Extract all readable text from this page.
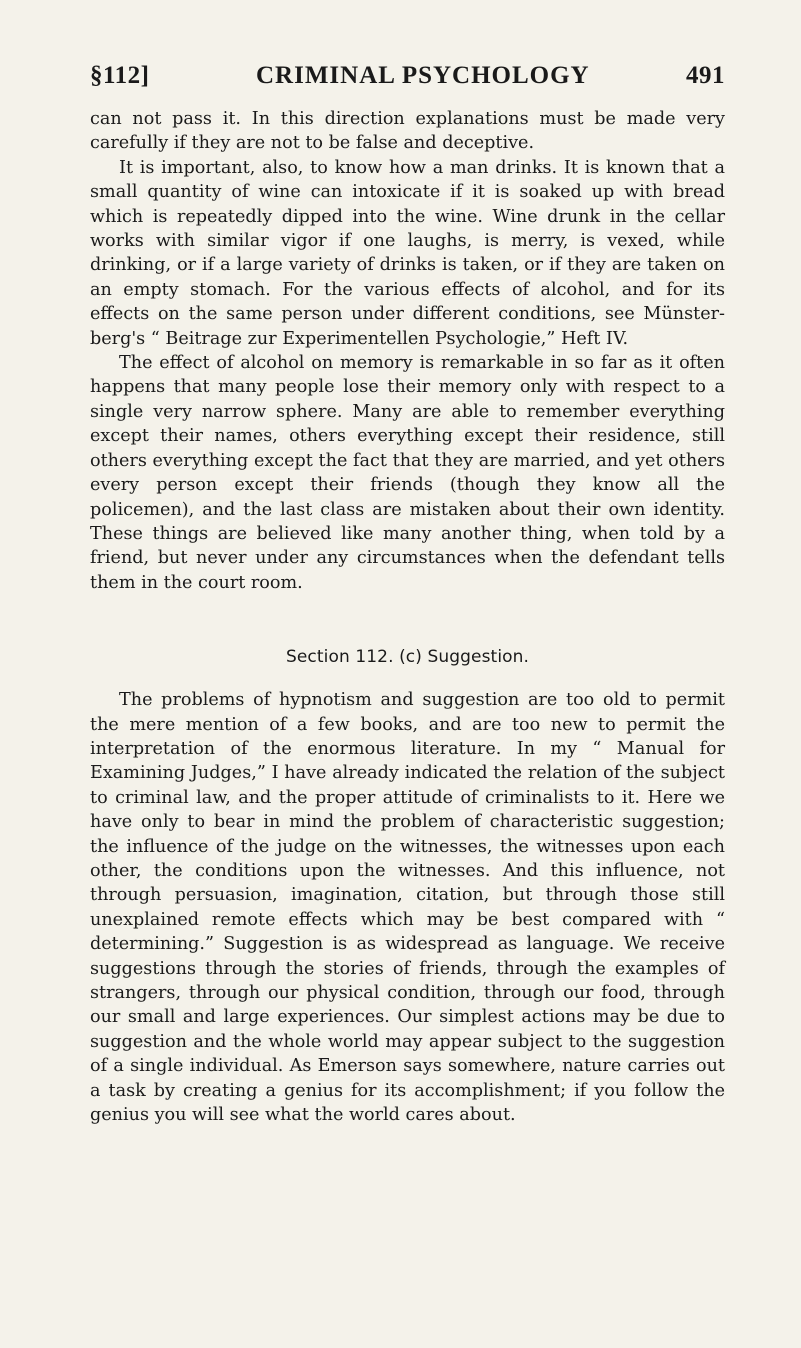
§112]	CRIMINAL PSYCHOLOGY	491

can not pass it. In this direction explanations must be made very carefully if they are not to be false and deceptive.

It is important, also, to know how a man drinks. It is known that a small quantity of wine can intoxicate if it is soaked up with bread which is repeatedly dipped into the wine. Wine drunk in the cellar works with similar vigor if one laughs, is merry, is vexed, while drinking, or if a large variety of drinks is taken, or if they are taken on an empty stomach. For the various effects of alcohol, and for its effects on the same person under different conditions, see Münsterberg's “ Beitrage zur Experimentellen Psychologie,” Heft IV.

The effect of alcohol on memory is remarkable in so far as it often happens that many people lose their memory only with respect to a single very narrow sphere. Many are able to remember everything except their names, others everything except their residence, still others everything except the fact that they are married, and yet others every person except their friends (though they know all the policemen), and the last class are mistaken about their own identity. These things are believed like many another thing, when told by a friend, but never under any circumstances when the defendant tells them in the court room.

Section 112. (c) Suggestion.

The problems of hypnotism and suggestion are too old to permit the mere mention of a few books, and are too new to permit the interpretation of the enormous literature. In my “ Manual for Examining Judges,” I have already indicated the relation of the subject to criminal law, and the proper attitude of criminalists to it. Here we have only to bear in mind the problem of characteristic suggestion; the influence of the judge on the witnesses, the witnesses upon each other, the conditions upon the witnesses. And this influence, not through persuasion, imagination, citation, but through those still unexplained remote effects which may be best compared with “ determining.” Suggestion is as widespread as language. We receive suggestions through the stories of friends, through the examples of strangers, through our physical condition, through our food, through our small and large experiences. Our simplest actions may be due to suggestion and the whole world may appear subject to the suggestion of a single individual. As Emerson says somewhere, nature carries out a task by creating a genius for its accomplishment; if you follow the genius you will see what the world cares about.
